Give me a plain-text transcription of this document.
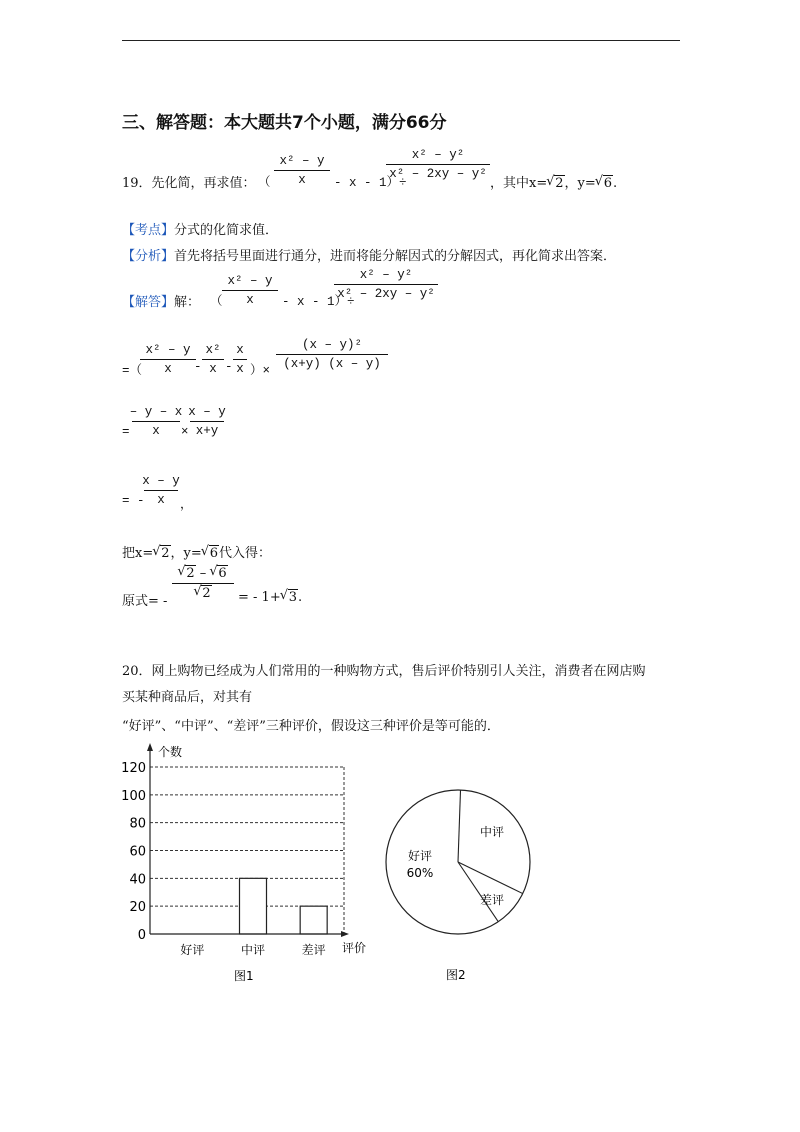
三、解答题：本大题共7个小题，满分66分
19．先化简，再求值： （
x² – y
x - x - 1）÷
x² – y²
x² – 2xy – y²
，其中x= √ 2，y= √ 6.
【考点】分式的化简求值．
【分析】首先将括号里面进行通分，进而将能分解因式的分解因式，再化简求出答案．
【解答】解： （
x² – y
x - x - 1）÷
x² – y²
x² – 2xy – y²
=（
x² – y
x -
x²
x -
x
x ）×
(x – y)²
(x+y) (x – y)
=
– y – x
x ×
x – y
x+y
= -
x – y
x ，
把x= √ 2，y= √ 6代入得：
原式= -
√ 2 – √ 6
√ 2 = - 1+ √ 3.
20．网上购物已经成为人们常用的一种购物方式，售后评价特别引人关注，消费者在网店购
买某种商品后，对其有
“好评”、“中评”、“差评”三种评价，假设这三种评价是等可能的．
0
20
40
60
80
100
120
好评	中评	差评
个数
评价
图1
好评
60%
中评
差评
图2
